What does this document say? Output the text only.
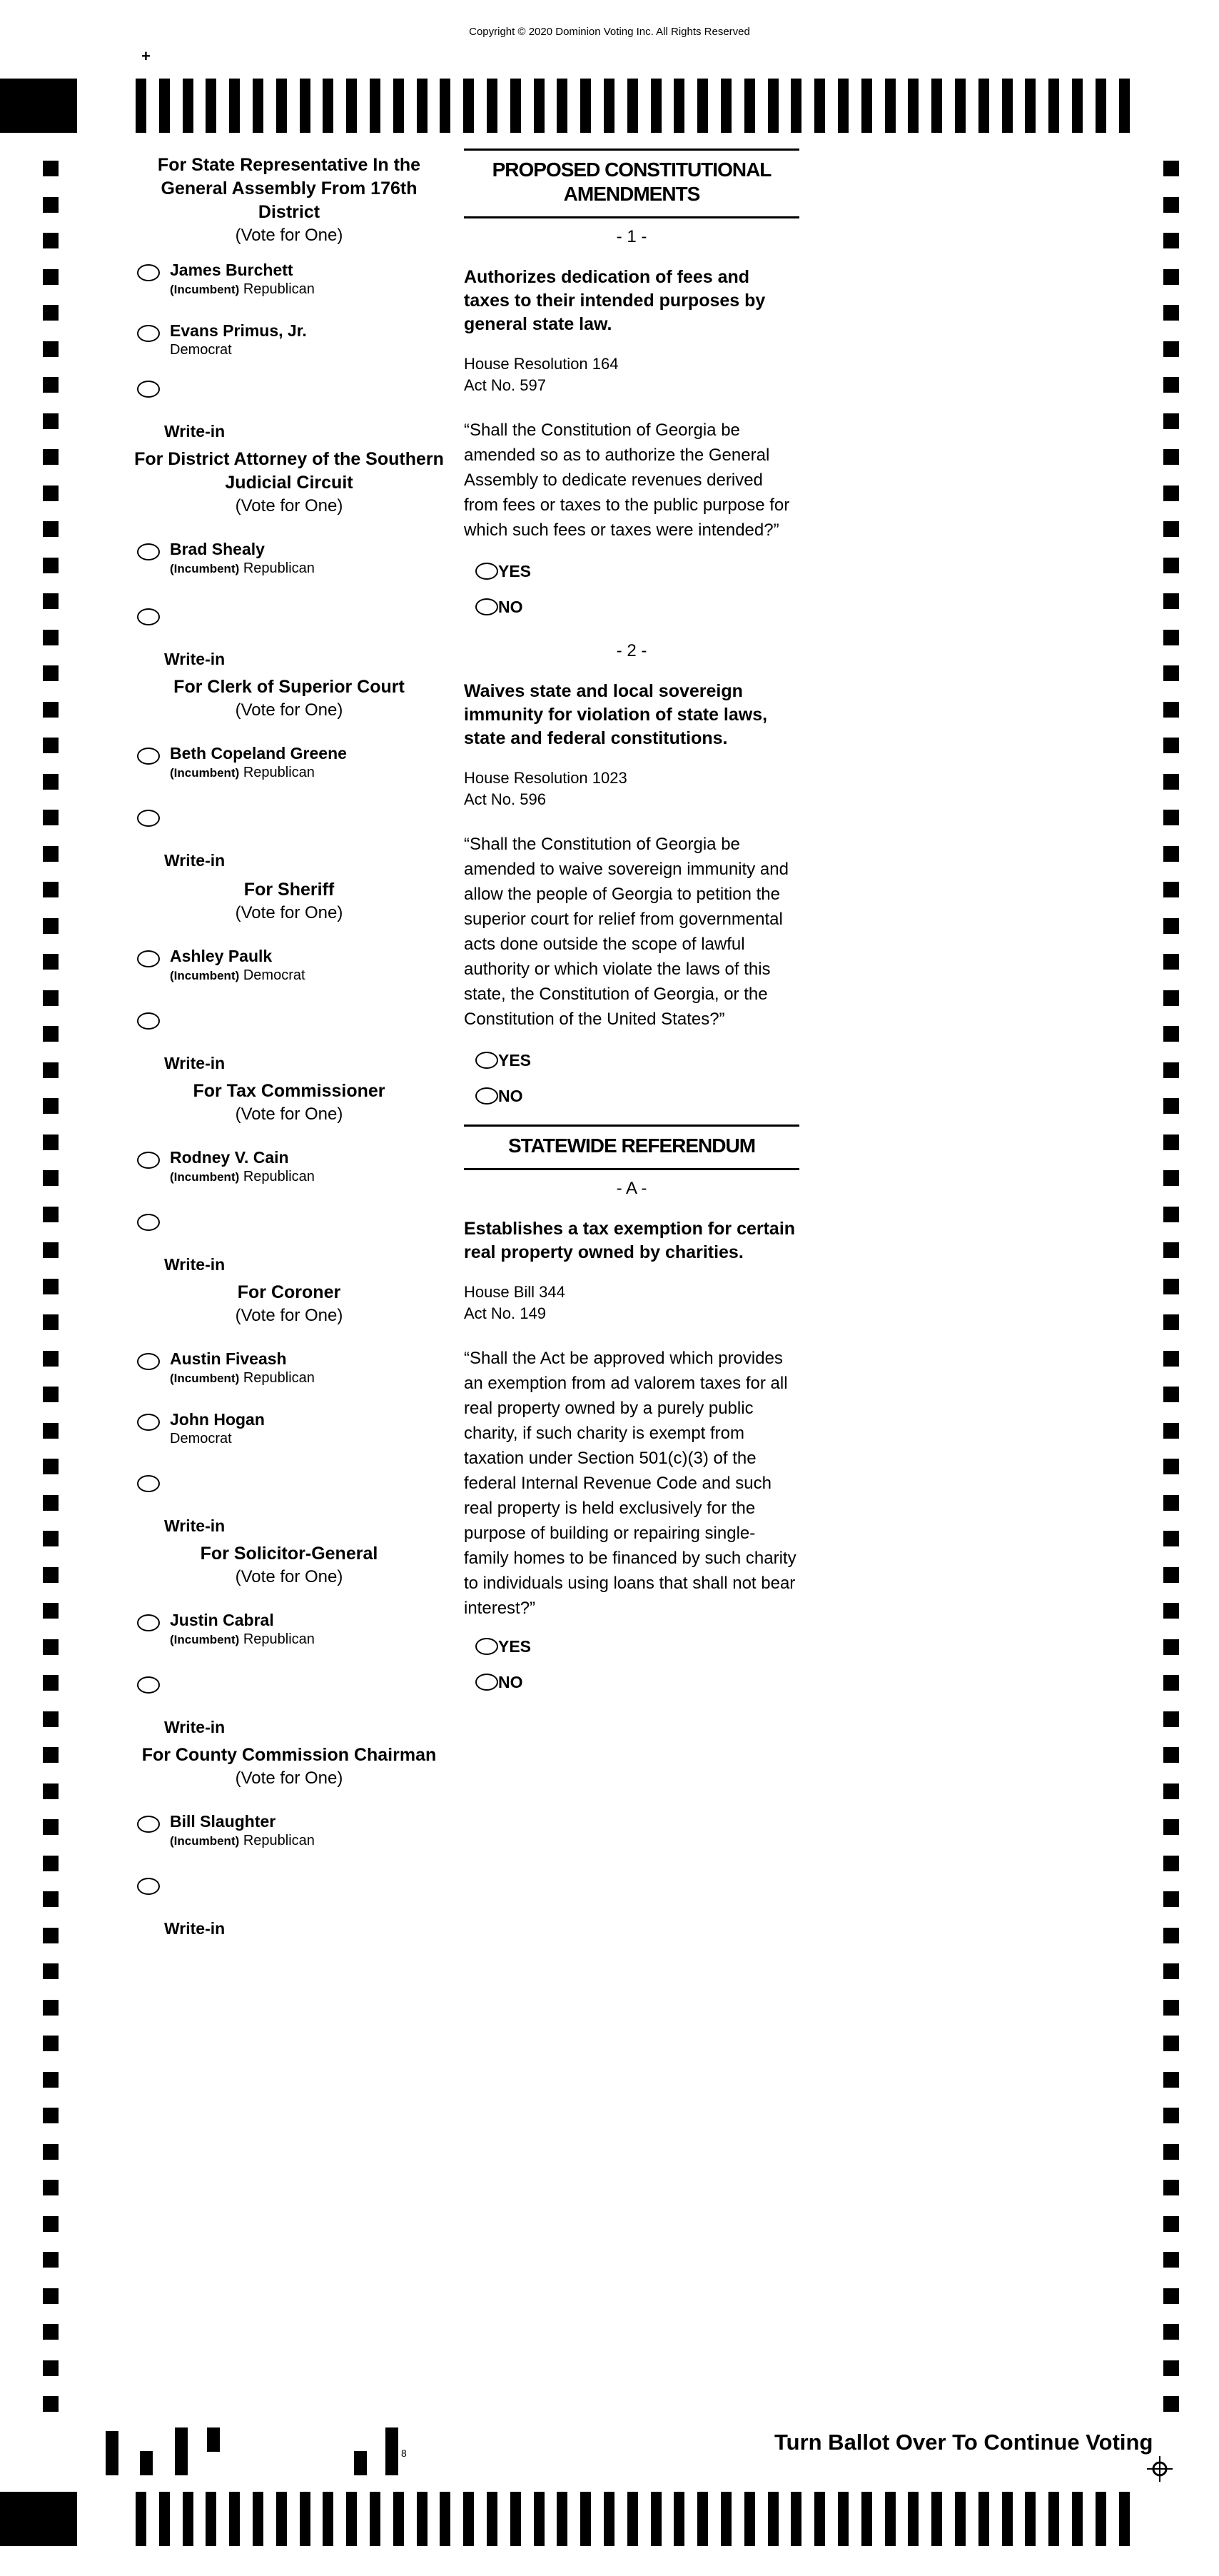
Copyright © 2020 Dominion Voting Inc. All Rights Reserved
+
For State Representative In the General Assembly From 176th District
(Vote for One)
James Burchett
(Incumbent) Republican
Evans Primus, Jr.
Democrat
Write-in
For District Attorney of the Southern Judicial Circuit
(Vote for One)
Brad Shealy
(Incumbent) Republican
Write-in
For Clerk of Superior Court
(Vote for One)
Beth Copeland Greene
(Incumbent) Republican
Write-in
For Sheriff
(Vote for One)
Ashley Paulk
(Incumbent) Democrat
Write-in
For Tax Commissioner
(Vote for One)
Rodney V. Cain
(Incumbent) Republican
Write-in
For Coroner
(Vote for One)
Austin Fiveash
(Incumbent) Republican
John Hogan
Democrat
Write-in
For Solicitor-General
(Vote for One)
Justin Cabral
(Incumbent) Republican
Write-in
For County Commission Chairman
(Vote for One)
Bill Slaughter
(Incumbent) Republican
Write-in
PROPOSED CONSTITUTIONAL AMENDMENTS
- 1 -
Authorizes dedication of fees and taxes to their intended purposes by general state law.
House Resolution 164
Act No. 597
“Shall the Constitution of Georgia be amended so as to authorize the General Assembly to dedicate revenues derived from fees or taxes to the public purpose for which such fees or taxes were intended?”
YES
NO
- 2 -
Waives state and local sovereign immunity for violation of state laws, state and federal constitutions.
House Resolution 1023
Act No. 596
“Shall the Constitution of Georgia be amended to waive sovereign immunity and allow the people of Georgia to petition the superior court for relief from governmental acts done outside the scope of lawful authority or which violate the laws of this state, the Constitution of Georgia, or the Constitution of the United States?”
YES
NO
STATEWIDE REFERENDUM
- A -
Establishes a tax exemption for certain real property owned by charities.
House Bill 344
Act No. 149
“Shall the Act be approved which provides an exemption from ad valorem taxes for all real property owned by a purely public charity, if such charity is exempt from taxation under Section 501(c)(3) of the federal Internal Revenue Code and such real property is held exclusively for the purpose of building or repairing single-family homes to be financed by such charity to individuals using loans that shall not bear interest?”
YES
NO
8	Turn Ballot Over To Continue Voting
